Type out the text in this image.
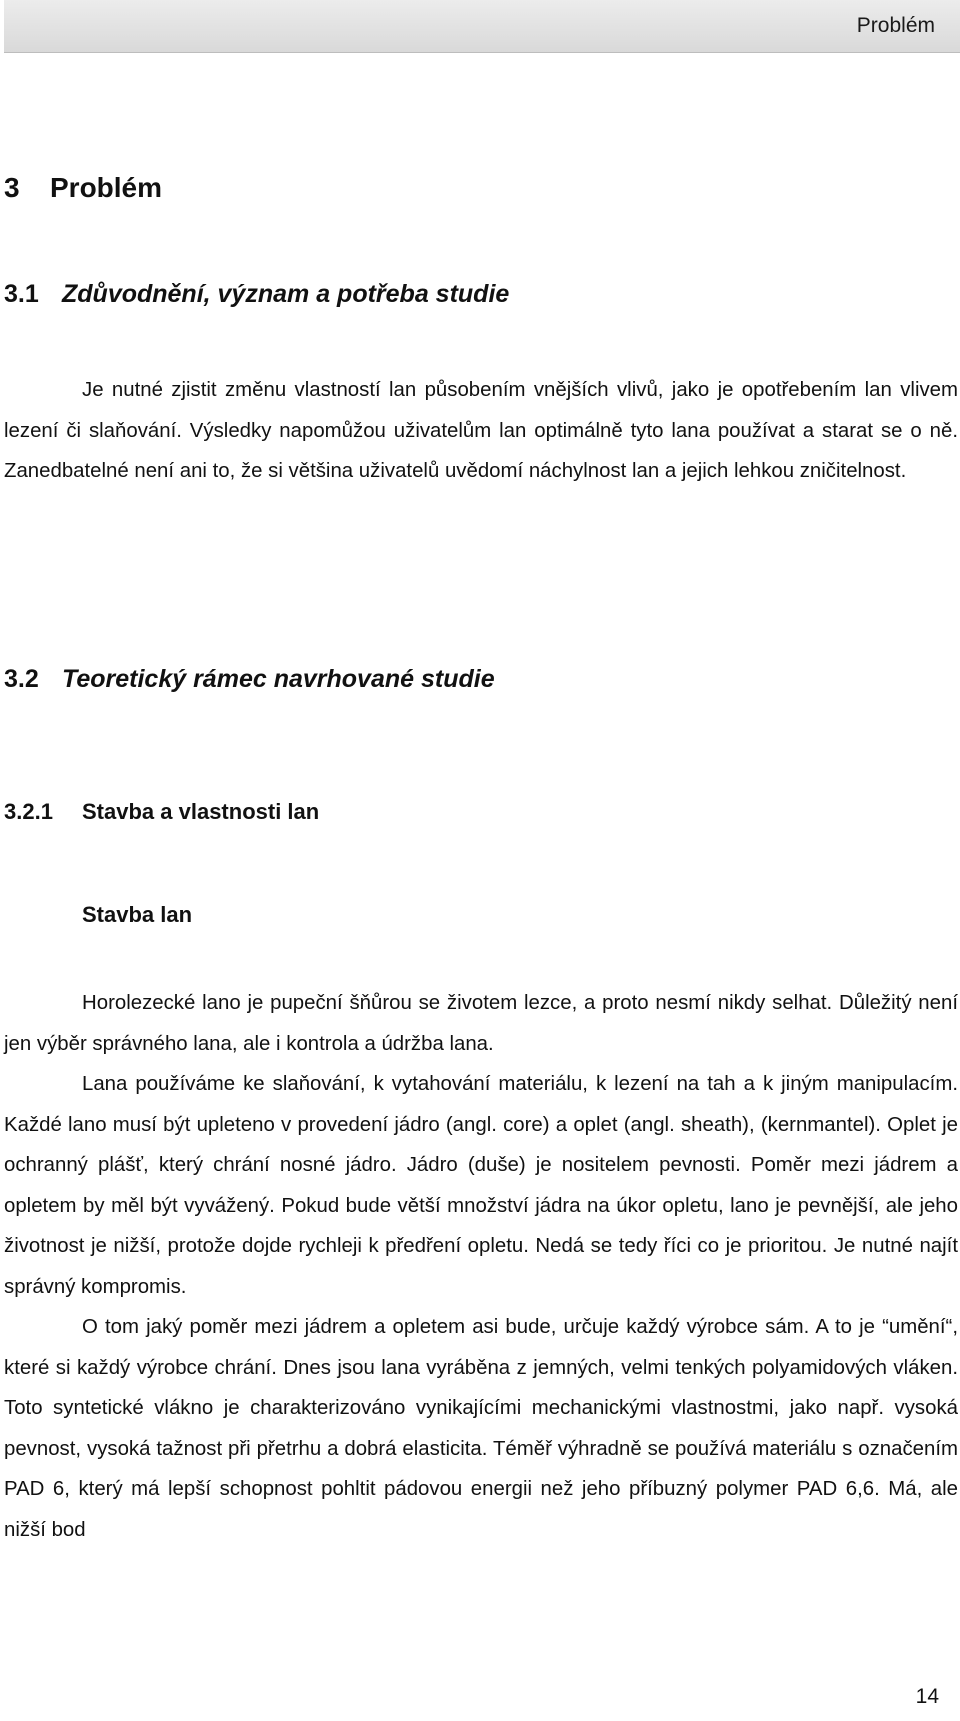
Problém
3 Problém
3.1 Zdůvodnění, význam a potřeba studie

Je nutné zjistit změnu vlastností lan působením vnějších vlivů, jako je opotřebením lan vlivem lezení či slaňování. Výsledky napomůžou uživatelům lan optimálně tyto lana používat a starat se o ně. Zanedbatelné není ani to, že si většina uživatelů uvědomí náchylnost lan a jejich lehkou zničitelnost.

3.2 Teoretický rámec navrhované studie
3.2.1 Stavba a vlastnosti lan
Stavba lan

Horolezecké lano je pupeční šňůrou se životem lezce, a proto nesmí nikdy selhat. Důležitý není jen výběr správného lana, ale i kontrola a údržba lana.

Lana používáme ke slaňování, k vytahování materiálu, k lezení na tah a k jiným manipulacím. Každé lano musí být upleteno v provedení jádro (angl. core) a oplet (angl. sheath), (kernmantel). Oplet je ochranný plášť, který chrání nosné jádro. Jádro (duše) je nositelem pevnosti. Poměr mezi jádrem a opletem by měl být vyvážený. Pokud bude větší množství jádra na úkor opletu, lano je pevnější, ale jeho životnost je nižší, protože dojde rychleji k předření opletu. Nedá se tedy říci co je prioritou. Je nutné najít správný kompromis.

O tom jaký poměr mezi jádrem a opletem asi bude, určuje každý výrobce sám. A to je “umění“, které si každý výrobce chrání. Dnes jsou lana vyráběna z jemných, velmi tenkých polyamidových vláken. Toto syntetické vlákno je charakterizováno vynikajícími mechanickými vlastnostmi, jako např. vysoká pevnost, vysoká tažnost při přetrhu a dobrá elasticita. Téměř výhradně se používá materiálu s označením PAD 6, který má lepší schopnost pohltit pádovou energii než jeho příbuzný polymer PAD 6,6. Má, ale nižší bod

14
